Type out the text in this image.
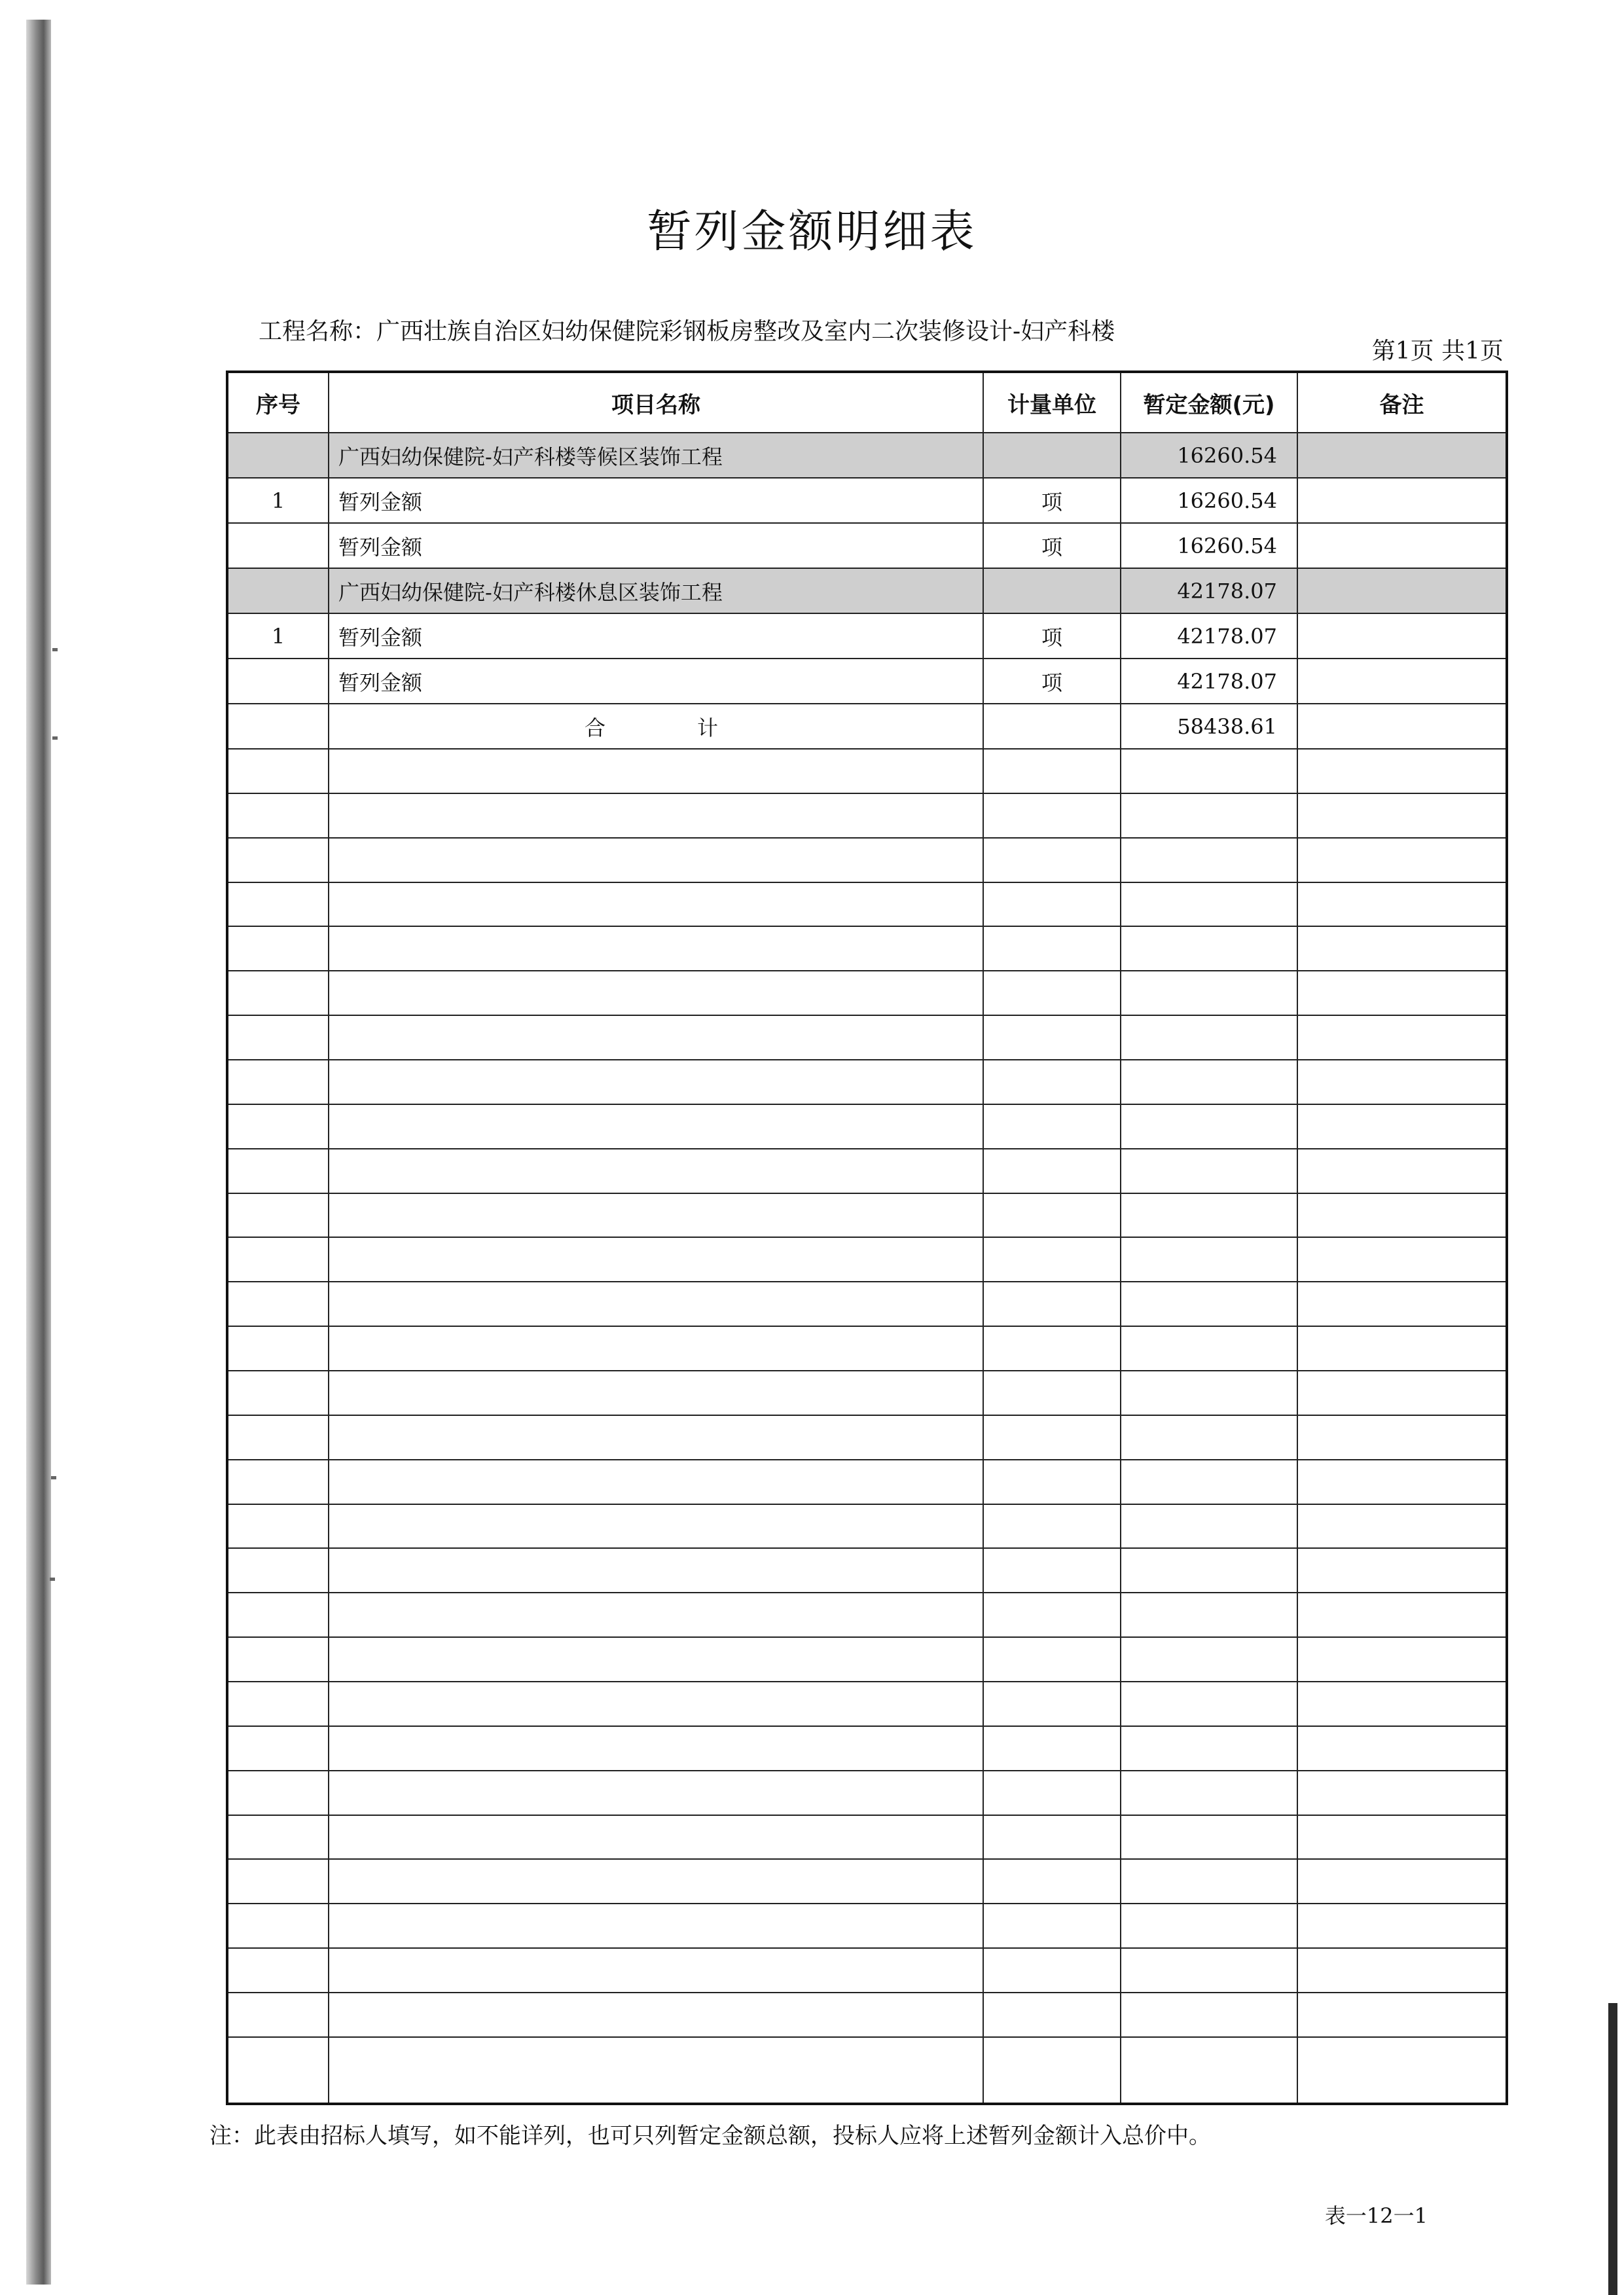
暂列金额明细表
工程名称：广西壮族自治区妇幼保健院彩钢板房整改及室内二次装修设计-妇产科楼
第1页 共1页
序号	项目名称	计量单位	暂定金额(元)	备注
	广西妇幼保健院-妇产科楼等候区装饰工程		16260.54	
1	暂列金额	项	16260.54	
	暂列金额	项	16260.54	
	广西妇幼保健院-妇产科楼休息区装饰工程		42178.07	
1	暂列金额	项	42178.07	
	暂列金额	项	42178.07	
	合计		58438.61	

注：此表由招标人填写，如不能详列，也可只列暂定金额总额，投标人应将上述暂列金额计入总价中。
表一12一1
